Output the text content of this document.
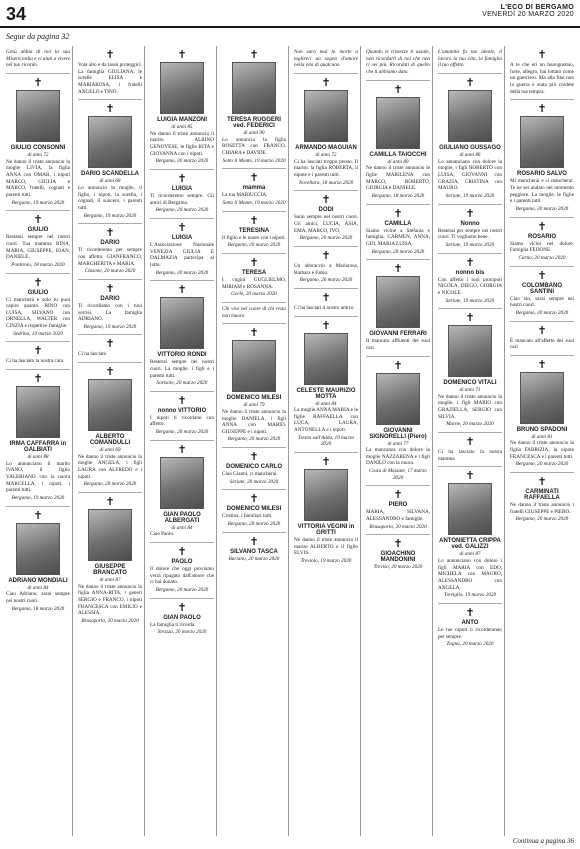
34	L'ECO DI BERGAMO
VENERDÌ 20 MARZO 2020
Segue da pagina 32
Gesù abbia di noi la sua Misericordia e ci aiuti a vivere nel tuo ricordo.
✝
GIULIO CONSONNI
di anni 72
Ne danno il triste annuncio la moglie LIVIA, la figlia ANNA con OMAR, i nipoti MARCO, GIULIA e MARCO, fratelli, cognati e parenti tutti.
Bergamo, 19 marzo 2020
✝
GIULIO
Restami sempre nel nostri cuori. Tua mamma RINA, MARIA, GIUSEPPE, IOAN, DANIELE.
Pontirolo, 18 marzo 2020
✝
GIULIO
Ci mancherà e solo tu puoi capire quanto. RINO con LUISA, SILVANO con ORNELLA, WALTER con CINZIA e rispettive famiglie.
Sedrina, 19 marzo 2020
✝
Ci ha lasciato la nostra cara
✝
IRMA CAFFARRA in GALBIATI
di anni 88
Lo annunciano il marito IVANO, il figlio VALERIANO con la nuora MARCELLA, i nipoti, i parenti tutti.
Bergamo, 19 marzo 2020
✝
ADRIANO MONDIALI
di anni 84
Ciao Adriano, sarai sempre nei nostri cuori.
Bergamo, 18 marzo 2020
✝
Vola alto e da lassù proteggici. La famiglia GIULIANA, le sorelle ELISA e MARIAROSA, i fratelli ANGELO e TINO.
✝
DARIO SCANDELLA
di anni 68
Lo annuncio la moglie, il figlio, i nipoti, la sorella, i cognati, il suocero, i parenti tutti.
Bergamo, 19 marzo 2020
✝
DARIO
Ti ricorderemo per sempre con affetto. GIANFRANCO, MARGHERITA e MARIA.
Clusone, 20 marzo 2020
✝
DARIO
Ti ricordiamo con i tuoi sorrisi. La famiglia ADRIANO.
Bergamo, 19 marzo 2020
✝
Ci ha lasciato
✝
ALBERTO COMANDULLI
di anni 69
Ne danno il triste annuncio la moglie ANGELA, i figli LAURA con ALFREDO e i nipoti.
Bergamo, 20 marzo 2020
✝
GIUSEPPE BRANCATO
di anni 87
Ne danno il triste annuncio la figlia ANNA-RITA, i generi SERGIO e FRANCO, i nipoti FRANCESCA con EMILIO e ALESSIA.
Brusaporto, 20 marzo 2020
✝
LUIGIA MANZONI
di anni 85
Ne danno il triste annuncio il marito ALBINO GENOVESE, le figlie RITA e GIOVANNA con i nipoti.
Bergamo, 20 marzo 2020
✝
LUIGIA
Ti ricorderemo sempre. Gli amici di Bergamo.
Bergamo, 20 marzo 2020
✝
LUIGIA
L'Associazione Nazionale VENEZIA GIULIA E DALMAZIA partecipa al lutto.
Bergamo, 20 marzo 2020
✝
VITTORIO RONDI
Resterai sempre nei nostri cuori. La moglie, i figli e i parenti tutti.
Sorisole, 20 marzo 2020
✝
nonno VITTORIO
I nipoti ti ricordano con affetto.
Bergamo, 20 marzo 2020
✝
GIAN PAOLO ALBERGATI
di anni 84
Ciao Paolo.
✝
PAOLO
Il dolore che oggi proviamo verrà ripagato dall'amore che ci hai donato.
Bergamo, 20 marzo 2020
✝
GIAN PAOLO
La famiglia ti ricorda.
Strozza, 20 marzo 2020
✝
TERESA RUGGERI ved. FEDERICI
di anni 90
Lo annuncia la figlia ROSETTA con FRANCO, CHIARA e DAVIDE.
Sotto il Monte, 19 marzo 2020
✝
mamma
La tua MARIUCCIA.
Sotto il Monte, 19 marzo 2020
✝
TERESINA
Il figlio e le nuore con i nipoti.
Bergamo, 20 marzo 2020
✝
TERESA
I cugini GUGLIELMO, MIRIAM e ROSANNA.
Gorle, 20 marzo 2020
Chi vive nel cuore di chi resta non muore.
✝
DOMENICO MILESI
di anni 79
Ne danno il triste annuncio la moglie DANIELA, i figli ANNA con MARIO, GIUSEPPE e i nipoti.
Bergamo, 20 marzo 2020
✝
DOMENICO CARLO
Ciao Gianni, ci mancherai.
Seriate, 20 marzo 2020
✝
DOMENICO MILESI
Cristina, i familiari tutti.
Bergamo, 20 marzo 2020
✝
SILVANO TASCA
Bariano, 20 marzo 2020
Non sarà mai la morte a toglierci un sogno d'amore nella vita di qualcuno.
✝
ARMANDO MAGUIAN
di anni 72
Ci ha lasciati troppo presto. Il marito, la figlia ROBERTA, il nipote e i parenti tutti.
Novellara, 18 marzo 2020
✝
DODI
Sarai sempre nei nostri cuori. Gli amici, LUCIA, ASIA, EMA, MARCO, IVO.
Bergamo, 20 marzo 2020
✝
Un abbraccio a Mariarosa, Barbara e Fabio.
Bergamo, 20 marzo 2020
✝
Ci ha lasciati il nostro amico
✝
CELESTE MAURIZIO MOTTA
di anni 84
La moglie ANNA MARIA e le figlie RAFFAELLA con LUCA, LAURA, ANTONELLA e i nipoti.
Trezzo sull'Adda, 19 marzo 2020
✝
VITTORIA VEGINI in GRITTI
Ne danno il triste annuncio il marito ALBERTO e il figlio ELVIS.
Treviolo, 19 marzo 2020
Quando le tristezze ti assale, non ricordarti di noi che non ci sei più. Ricordati di quello che ti abbiamo dato.
✝
CAMILLA TAIOCCHI
di anni 89
Ne danno il triste annuncio le figlie MARILENA con MARCO, ROBERTO, GIORGIA e DANIELE.
Bergamo, 18 marzo 2020
✝
CAMILLA
Siamo vicine a Stefania e famiglia. CARMEN, ANNA, GIO, MARIA LUISA.
Bergamo, 20 marzo 2020
✝
GIOVANNI FERRARI
Il mancato affluenti dei suoi cari.
✝
GIOVANNI SIGNORELLI (Piero)
di anni 77
La mancanza con dolore la moglie NAZZARENA e i figli DANILO con la nuora.
Costa di Mezzate, 17 marzo 2020
✝
PIERO
MARIA, SILVANA, ALESSANDRO e famiglie.
Brusaporto, 20 marzo 2020
✝
GIOACHINO MANDONINI
Treviso, 20 marzo 2020
L'umanità fu tuo ideale, il lavoro la tua vita, la famiglia il tuo affetto.
✝
GIULIANO GUSSAGO
di anni 86
Lo annunciano con dolore la moglie, i figli ROBERTO con LUISA, GIOVANNI con GRAZIA, CRISTINA con MAURO.
Seriate, 19 marzo 2020
✝
Nonno
Resterai per sempre nei nostri cuori. Ti vogliamo bene.
Seriate, 19 marzo 2020
✝
nonno bis
Con affetto i tuoi pronipoti NICOLA, DIEGO, GIORGIA e NICOLE.
Seriate, 19 marzo 2020
✝
DOMENICO VITALI
di anni 71
Ne danno il triste annuncio la moglie, i figli MARIO con GRAZIELLA, SERGIO con SILVIA.
Marne, 20 marzo 2020
✝
Ci ha lasciato la nostra mamma
✝
ANTONIETTA CRIPPA ved. GALIZZI
di anni 87
Lo annunciano con dolore i figli MARIA con EDO, MICHELA con MAURO, ALESSANDRO con ANGELA.
Treviglio, 19 marzo 2020
✝
ANTO
Le tue nipoti ti ricorderanno per sempre.
Zogno, 20 marzo 2020
✝
A te che eri un buongustaio, forte, allegro, hai lottato come un guerriero. Ma alla fine non la guerra è stata più crudele della tua tempra.
✝
ROSARIO SALVO
Mi mancherai e ci mancherai. Te ne sei andato nel momento peggiore. La moglie, le figlie e i parenti tutti.
Bergamo, 20 marzo 2020
✝
ROSARIO
Siamo vicini nel dolore. Famiglia FEDONE.
Curno, 20 marzo 2020
✝
COLOMBANO SANTINI
Ciao zio, sarai sempre nei nostri cuori.
Bergamo, 20 marzo 2020
✝
È mancato all'affetto dei suoi cari
✝
BRUNO SPADONI
di anni 81
Ne danno il triste annuncio la figlia FABRIZIA, la nipote FRANCESCA e i parenti tutti.
Bergamo, 20 marzo 2020
✝
CARMINATI RAFFAELLA
Ne danno il triste annuncio i fratelli GIUSEPPE e PIERO.
Bergamo, 20 marzo 2020
Continua a pagina 36
